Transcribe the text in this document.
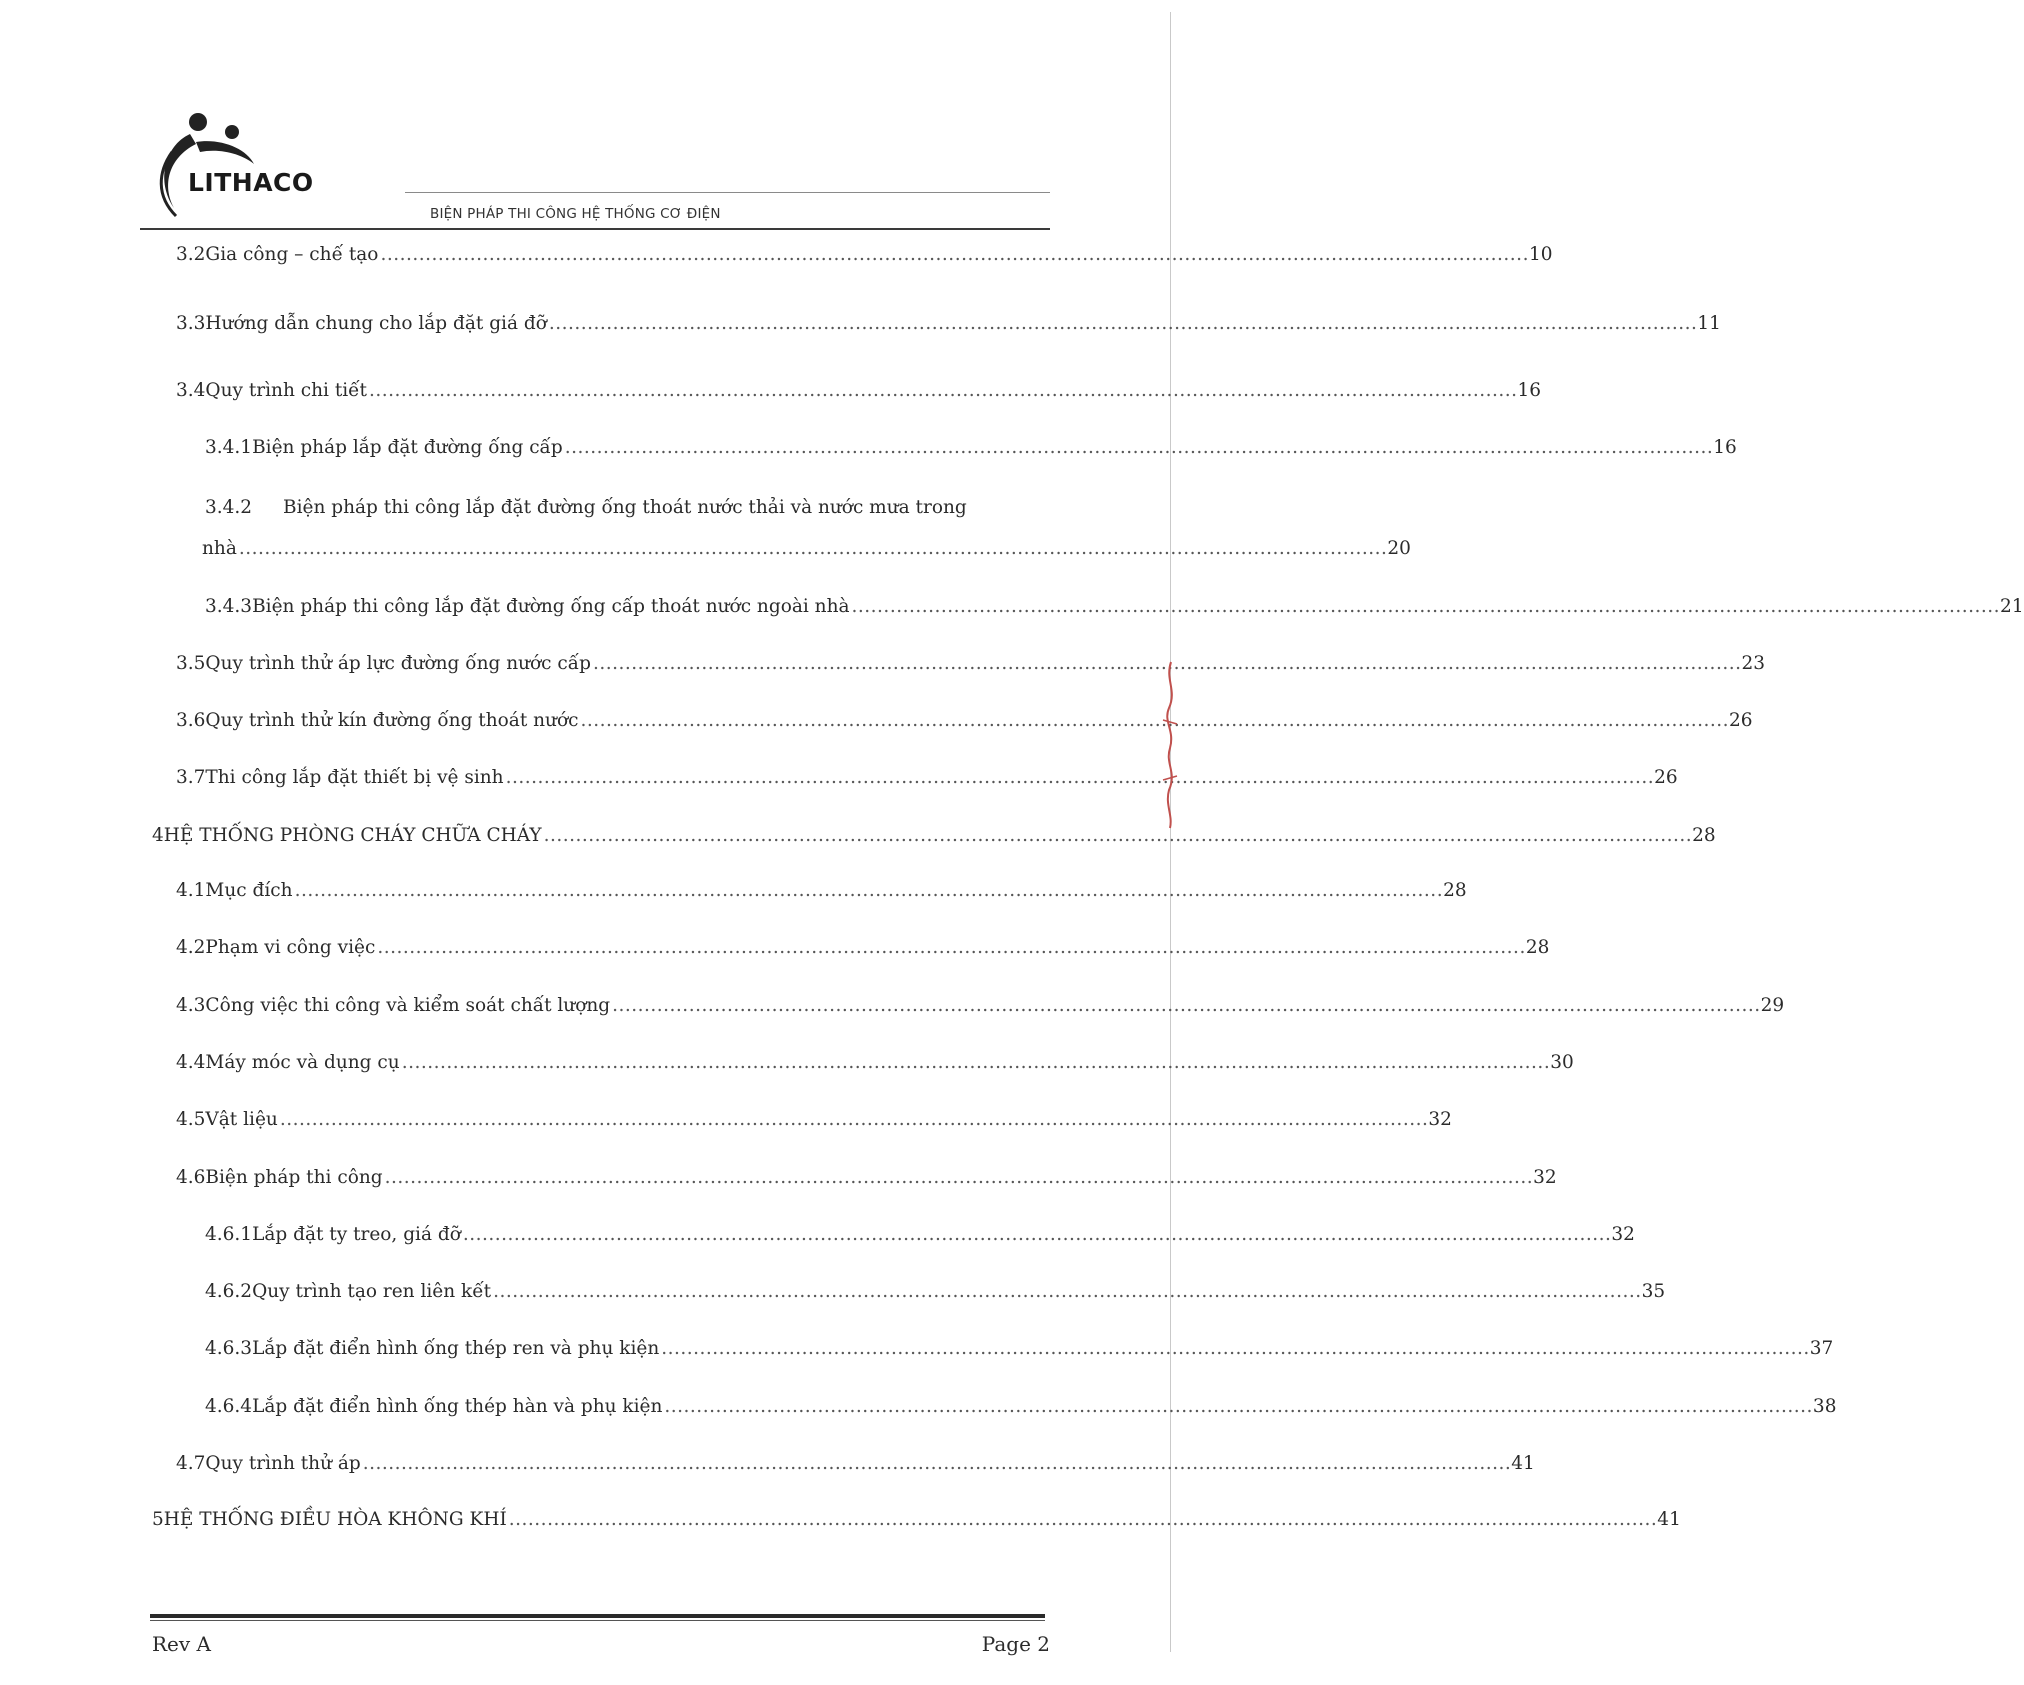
LITHACO
BIỆN PHÁP THI CÔNG HỆ THỐNG CƠ ĐIỆN
3.2 Gia công – chế tạo .................................................................................................................................................................................... 10
3.3 Hướng dẫn chung cho lắp đặt giá đỡ .................................................................................................................................................................................... 11
3.4 Quy trình chi tiết .................................................................................................................................................................................... 16
3.4.1 Biện pháp lắp đặt đường ống cấp .................................................................................................................................................................................... 16
3.4.2	Biện pháp thi công lắp đặt đường ống thoát nước thải và nước mưa trong
nhà .................................................................................................................................................................................... 20
3.4.3 Biện pháp thi công lắp đặt đường ống cấp thoát nước ngoài nhà .................................................................................................................................................................................... 21
3.5 Quy trình thử áp lực đường ống nước cấp .................................................................................................................................................................................... 23
3.6 Quy trình thử kín đường ống thoát nước .................................................................................................................................................................................... 26
3.7 Thi công lắp đặt thiết bị vệ sinh .................................................................................................................................................................................... 26
4 HỆ THỐNG PHÒNG CHÁY CHỮA CHÁY .................................................................................................................................................................................... 28
4.1 Mục đích .................................................................................................................................................................................... 28
4.2 Phạm vi công việc .................................................................................................................................................................................... 28
4.3 Công việc thi công và kiểm soát chất lượng .................................................................................................................................................................................... 29
4.4 Máy móc và dụng cụ .................................................................................................................................................................................... 30
4.5 Vật liệu .................................................................................................................................................................................... 32
4.6 Biện pháp thi công .................................................................................................................................................................................... 32
4.6.1 Lắp đặt ty treo, giá đỡ .................................................................................................................................................................................... 32
4.6.2 Quy trình tạo ren liên kết .................................................................................................................................................................................... 35
4.6.3 Lắp đặt điển hình ống thép ren và phụ kiện .................................................................................................................................................................................... 37
4.6.4 Lắp đặt điển hình ống thép hàn và phụ kiện .................................................................................................................................................................................... 38
4.7 Quy trình thử áp .................................................................................................................................................................................... 41
5 HỆ THỐNG ĐIỀU HÒA KHÔNG KHÍ .................................................................................................................................................................................... 41
Rev A	Page 2
